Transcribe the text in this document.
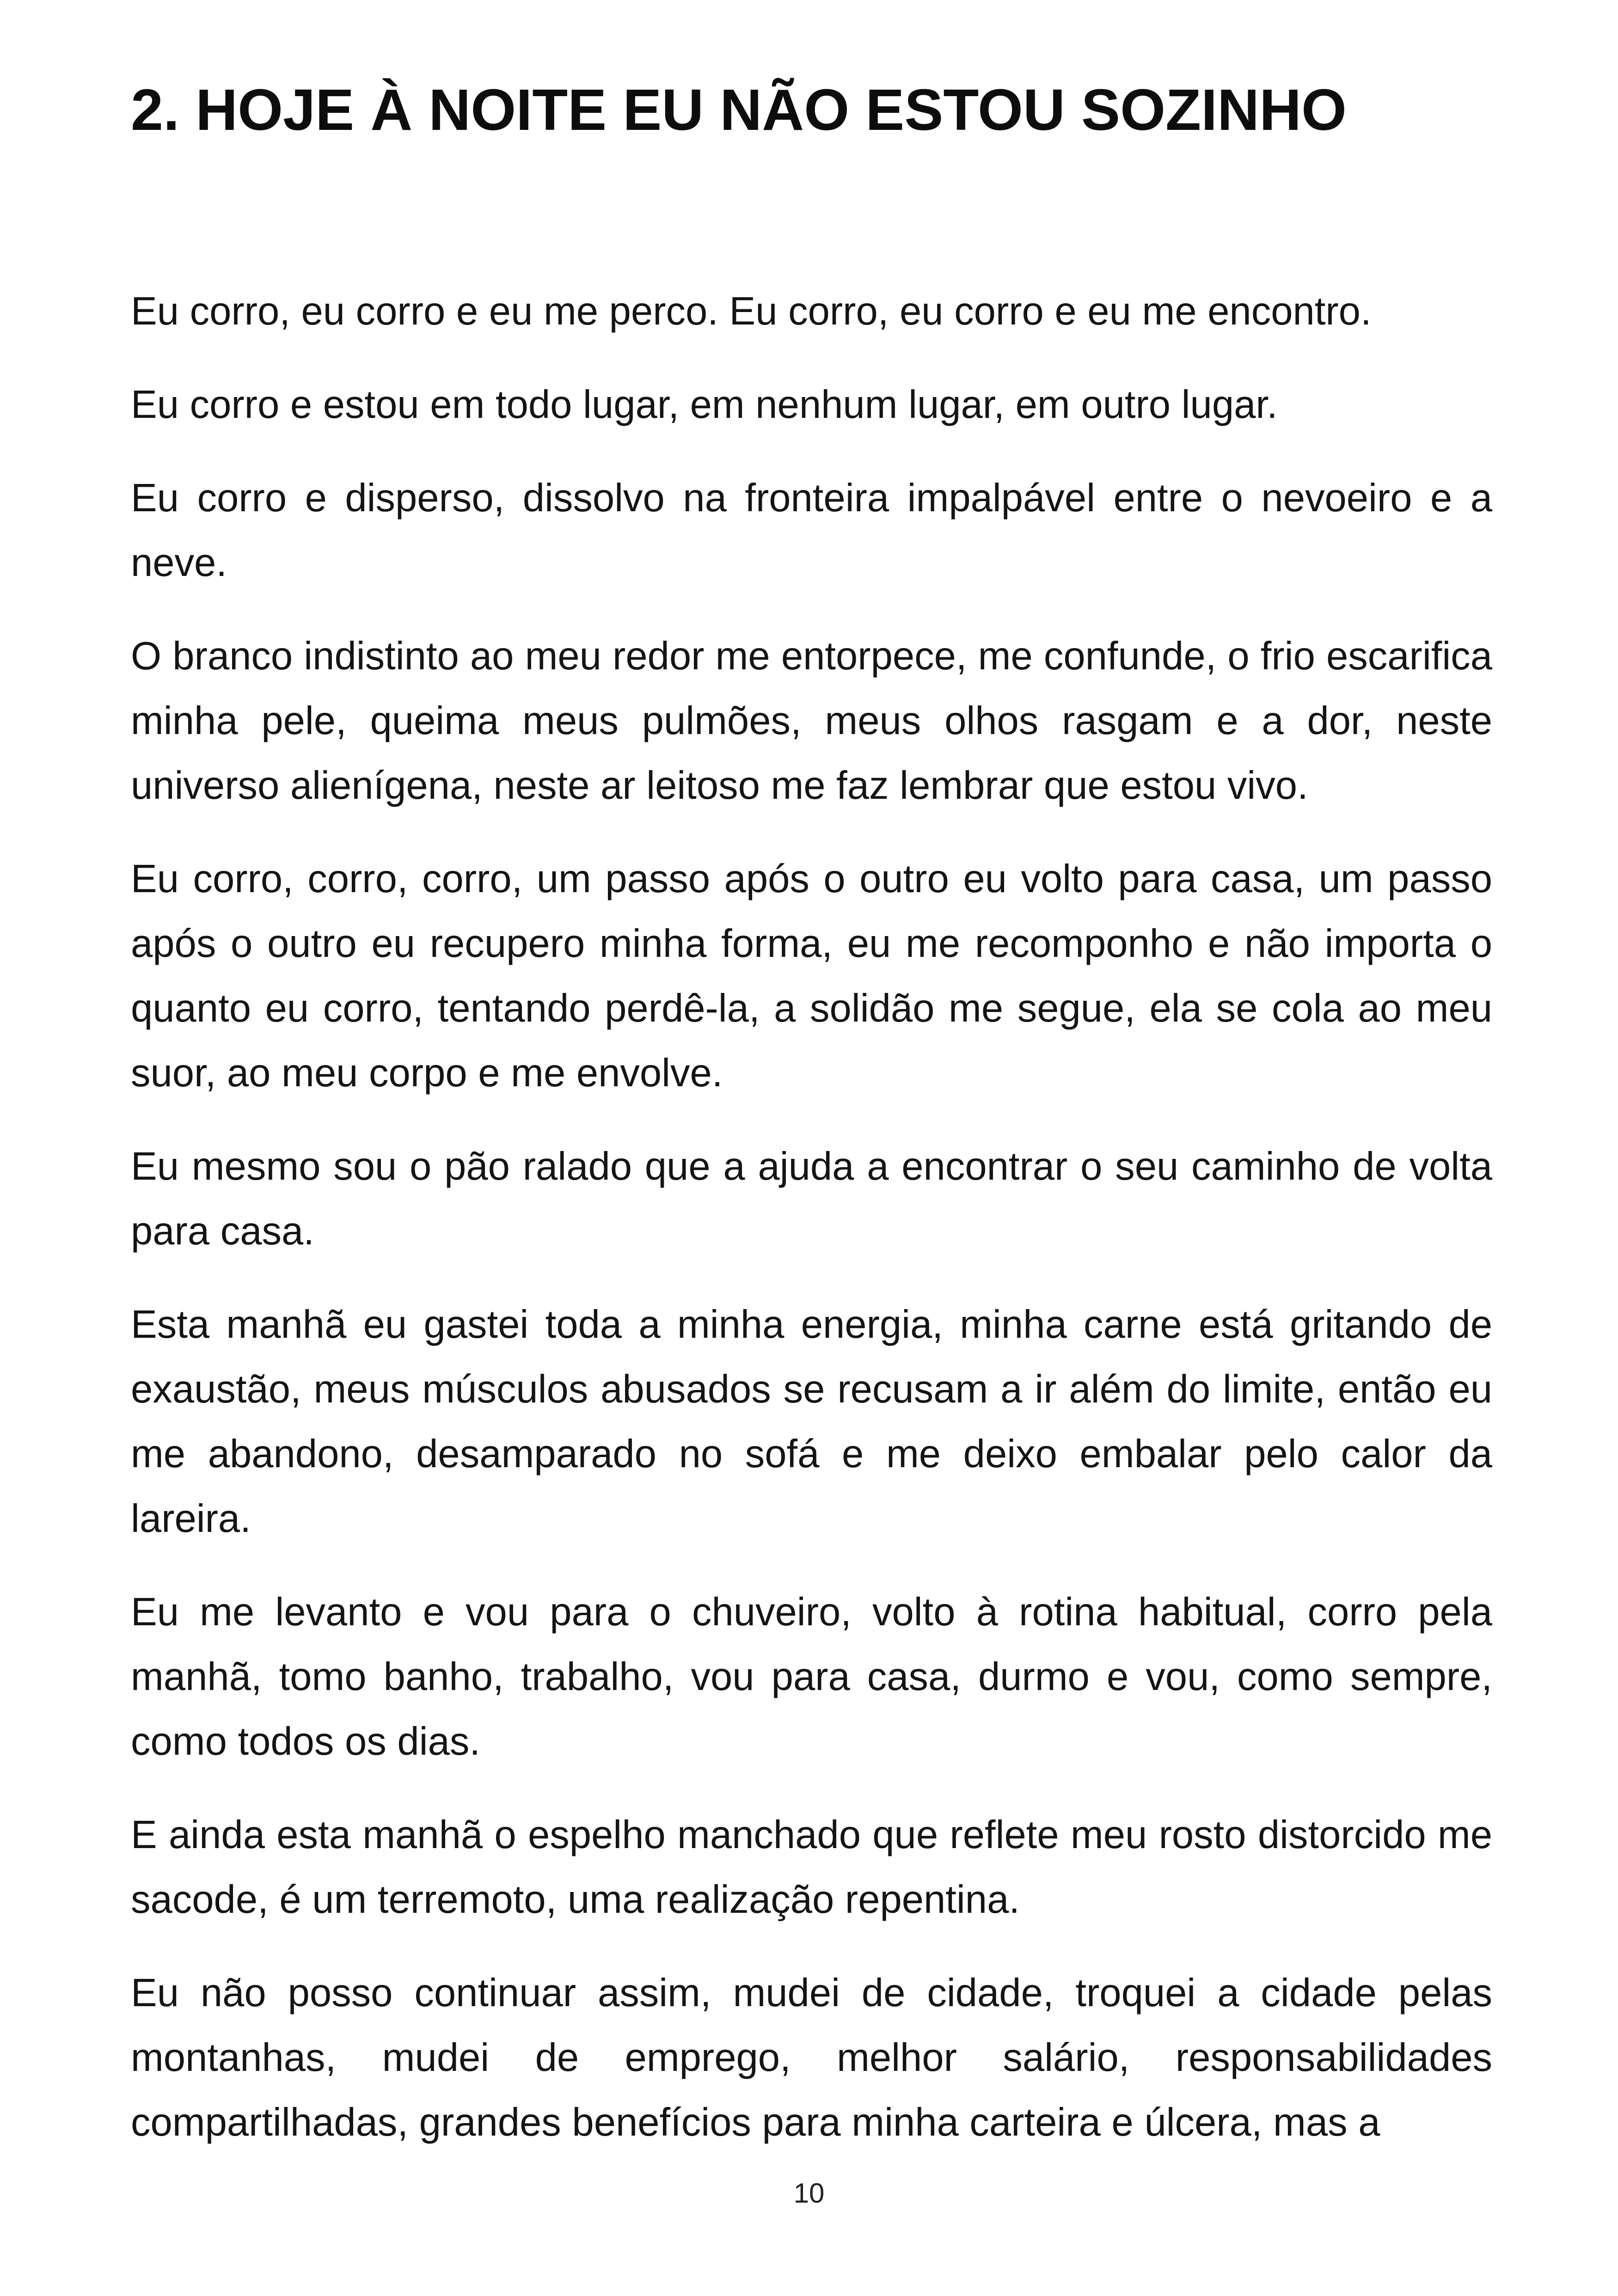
2. HOJE À NOITE EU NÃO ESTOU SOZINHO

Eu corro, eu corro e eu me perco. Eu corro, eu corro e eu me encontro.

Eu corro e estou em todo lugar, em nenhum lugar, em outro lugar.

Eu corro e disperso, dissolvo na fronteira impalpável entre o nevoeiro e a neve.

O branco indistinto ao meu redor me entorpece, me confunde, o frio escarifica minha pele, queima meus pulmões, meus olhos rasgam e a dor, neste universo alienígena, neste ar leitoso me faz lembrar que estou vivo.

Eu corro, corro, corro, um passo após o outro eu volto para casa, um passo após o outro eu recupero minha forma, eu me recomponho e não importa o quanto eu corro, tentando perdê-la, a solidão me segue, ela se cola ao meu suor, ao meu corpo e me envolve.

Eu mesmo sou o pão ralado que a ajuda a encontrar o seu caminho de volta para casa.

Esta manhã eu gastei toda a minha energia, minha carne está gritando de exaustão, meus músculos abusados se recusam a ir além do limite, então eu me abandono, desamparado no sofá e me deixo embalar pelo calor da lareira.

Eu me levanto e vou para o chuveiro, volto à rotina habitual, corro pela manhã, tomo banho, trabalho, vou para casa, durmo e vou, como sempre, como todos os dias.

E ainda esta manhã o espelho manchado que reflete meu rosto distorcido me sacode, é um terremoto, uma realização repentina.

Eu não posso continuar assim, mudei de cidade, troquei a cidade pelas montanhas, mudei de emprego, melhor salário, responsabilidades compartilhadas, grandes benefícios para minha carteira e úlcera, mas a

10
